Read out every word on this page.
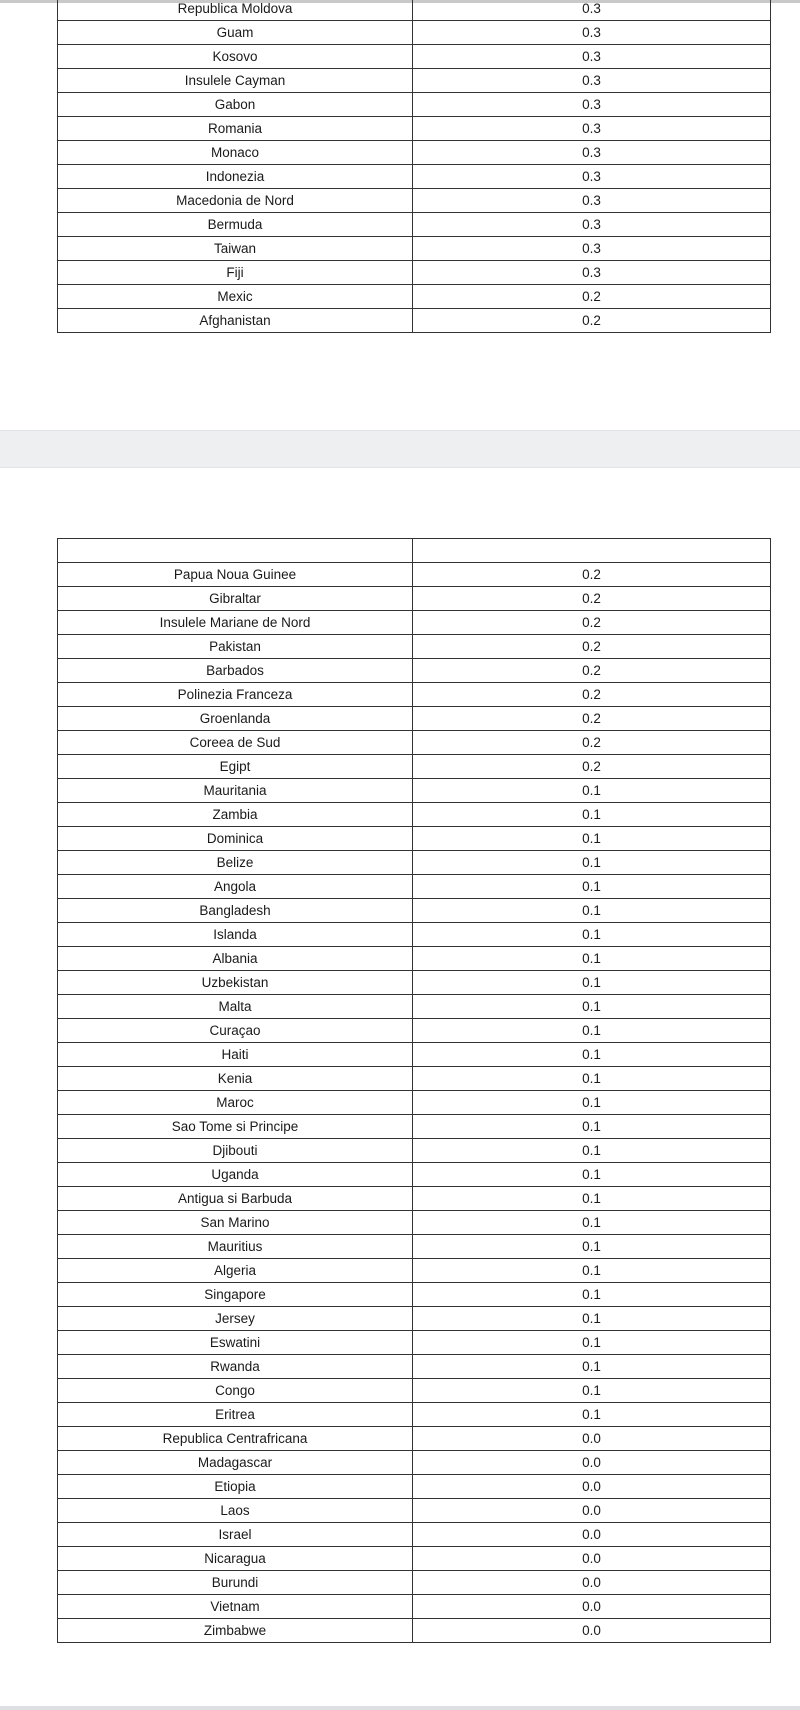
Republica Moldova	0.3
Guam	0.3
Kosovo	0.3
Insulele Cayman	0.3
Gabon	0.3
Romania	0.3
Monaco	0.3
Indonezia	0.3
Macedonia de Nord	0.3
Bermuda	0.3
Taiwan	0.3
Fiji	0.3
Mexic	0.2
Afghanistan	0.2

Papua Noua Guinee	0.2
Gibraltar	0.2
Insulele Mariane de Nord	0.2
Pakistan	0.2
Barbados	0.2
Polinezia Franceza	0.2
Groenlanda	0.2
Coreea de Sud	0.2
Egipt	0.2
Mauritania	0.1
Zambia	0.1
Dominica	0.1
Belize	0.1
Angola	0.1
Bangladesh	0.1
Islanda	0.1
Albania	0.1
Uzbekistan	0.1
Malta	0.1
Curaçao	0.1
Haiti	0.1
Kenia	0.1
Maroc	0.1
Sao Tome si Principe	0.1
Djibouti	0.1
Uganda	0.1
Antigua si Barbuda	0.1
San Marino	0.1
Mauritius	0.1
Algeria	0.1
Singapore	0.1
Jersey	0.1
Eswatini	0.1
Rwanda	0.1
Congo	0.1
Eritrea	0.1
Republica Centrafricana	0.0
Madagascar	0.0
Etiopia	0.0
Laos	0.0
Israel	0.0
Nicaragua	0.0
Burundi	0.0
Vietnam	0.0
Zimbabwe	0.0
